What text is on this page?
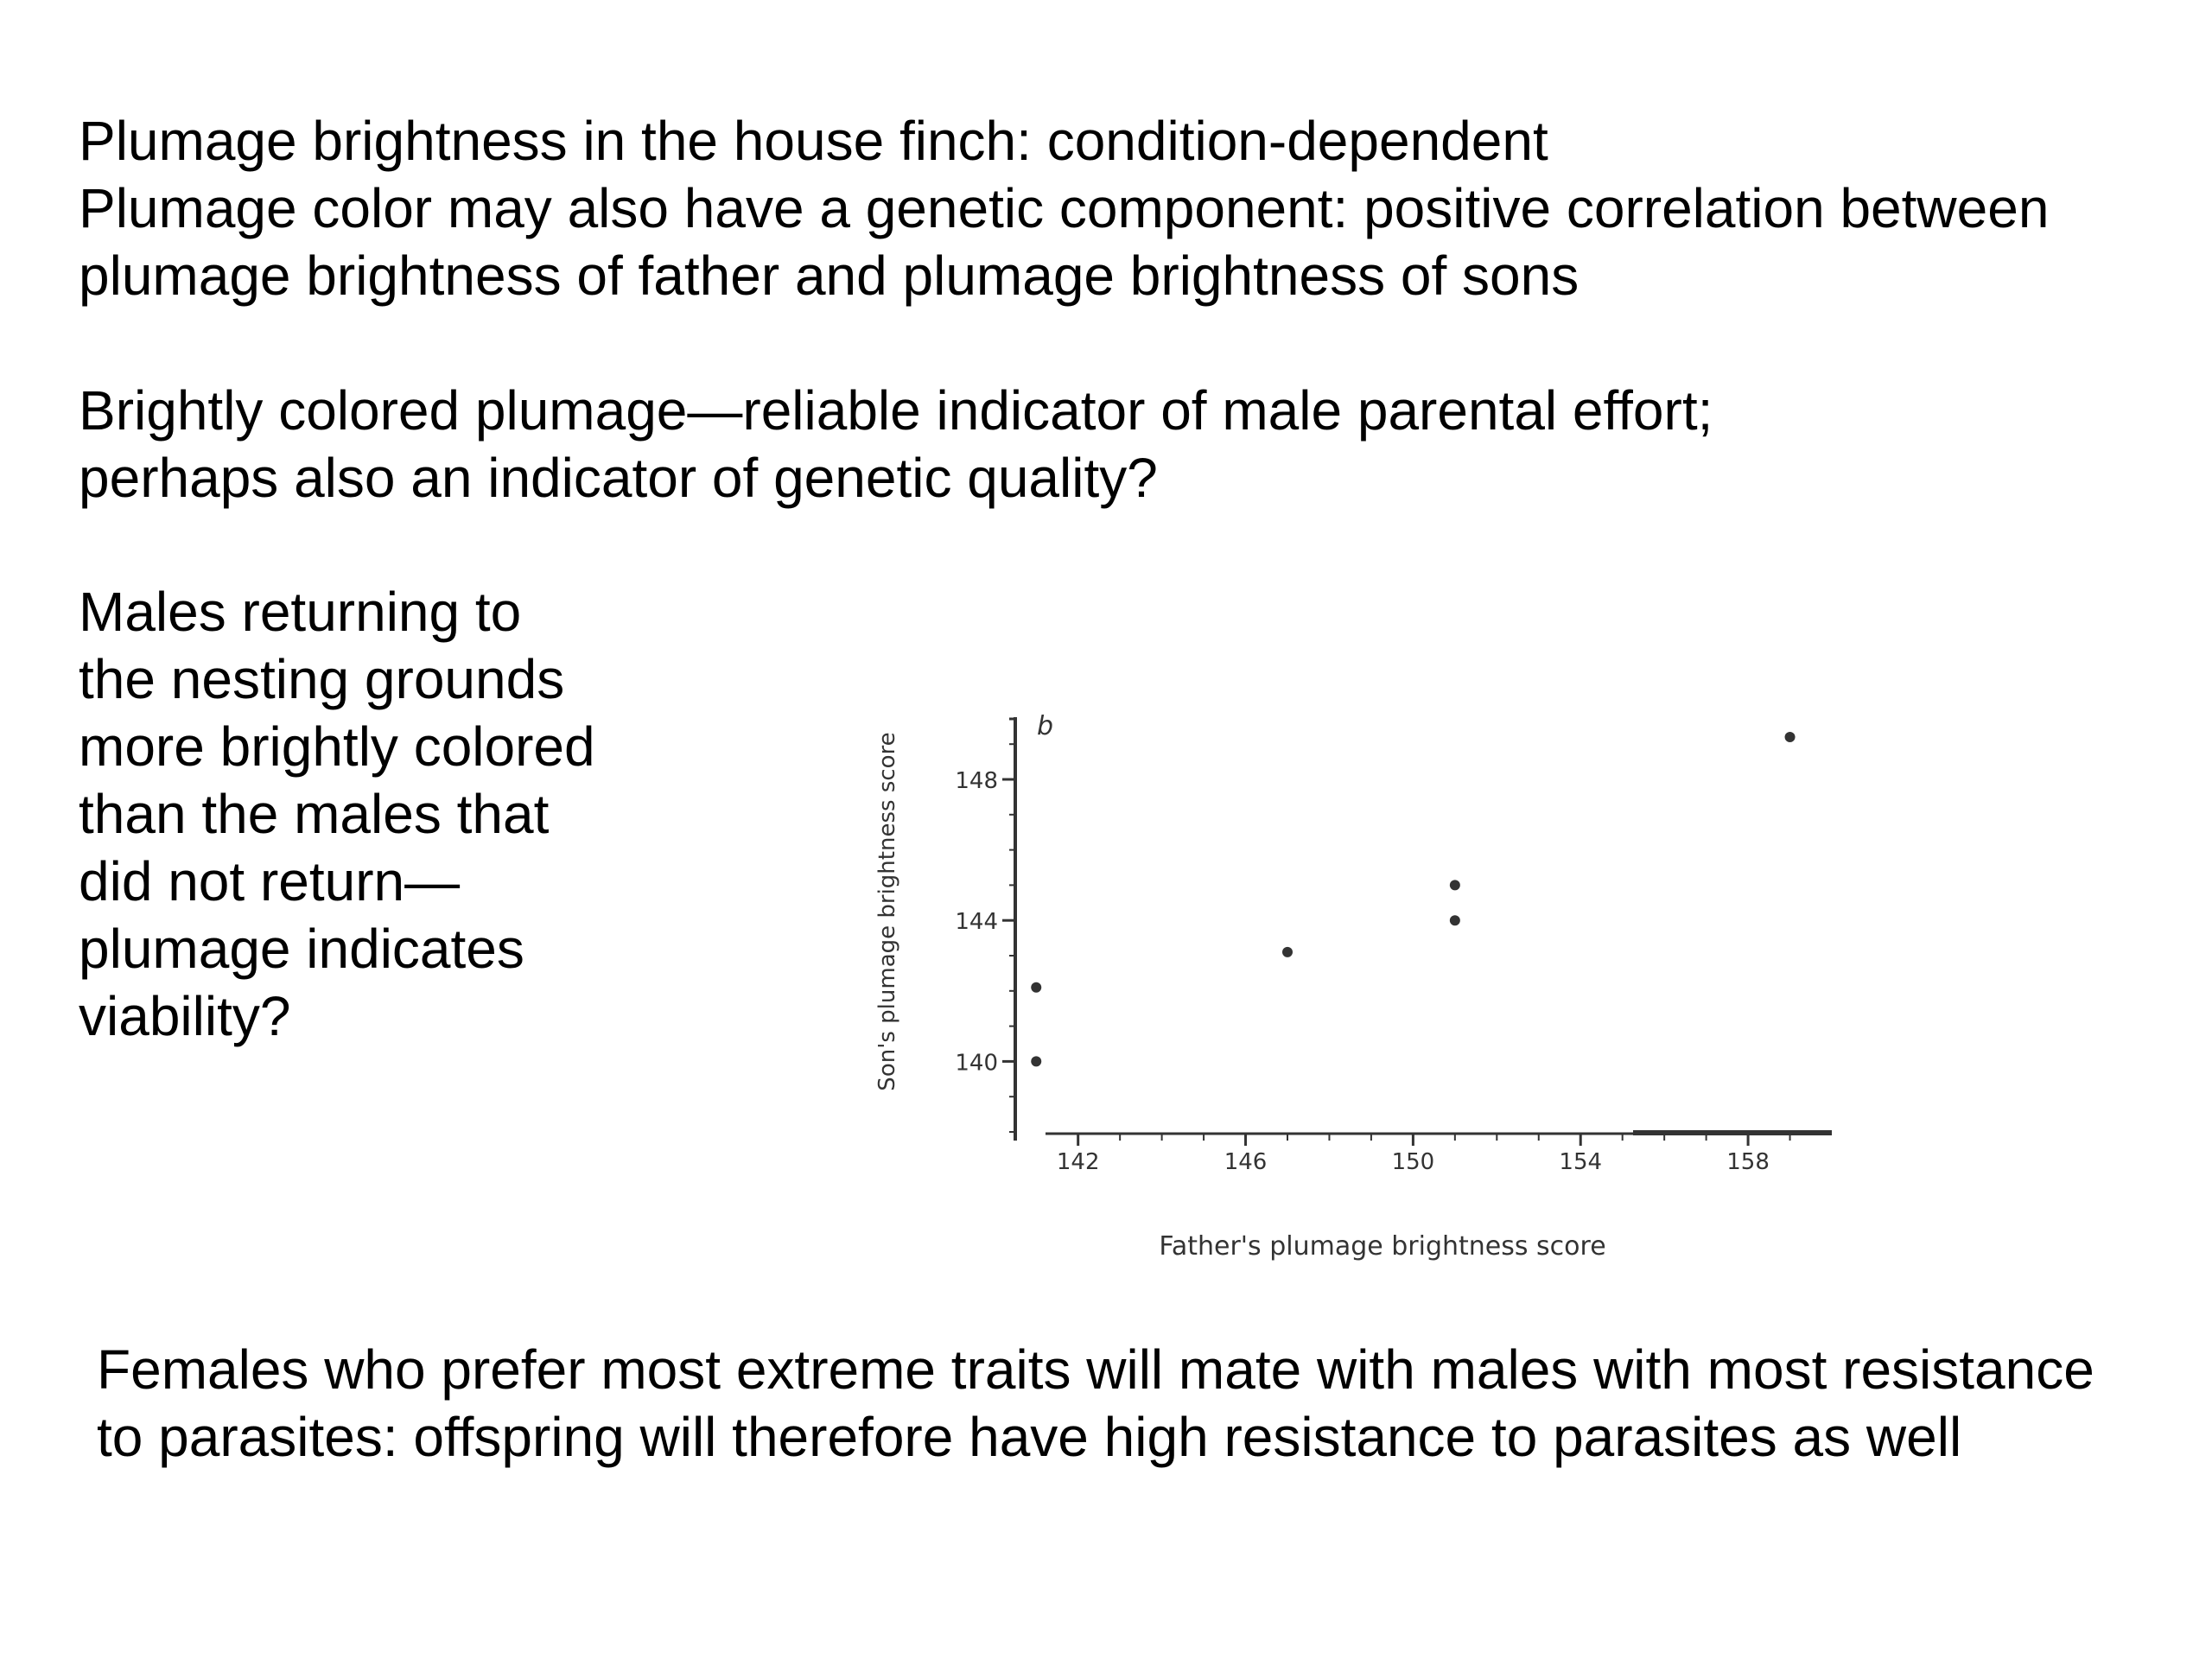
Plumage brightness in the house finch: condition-dependent
Plumage color may also have a genetic component: positive correlation between
plumage brightness of father and plumage brightness of sons
Brightly colored plumage—reliable indicator of male parental effort;
perhaps also an indicator of genetic quality?
Males returning to
the nesting grounds
more brightly colored
than the males that
did not return—
plumage indicates
viability?
140
144
148
142	146	150	154	158
b
Father's plumage brightness score
Son's plumage brightness score
Females who prefer most extreme traits will mate with males with most resistance
to parasites: offspring will therefore have high resistance to parasites as well
